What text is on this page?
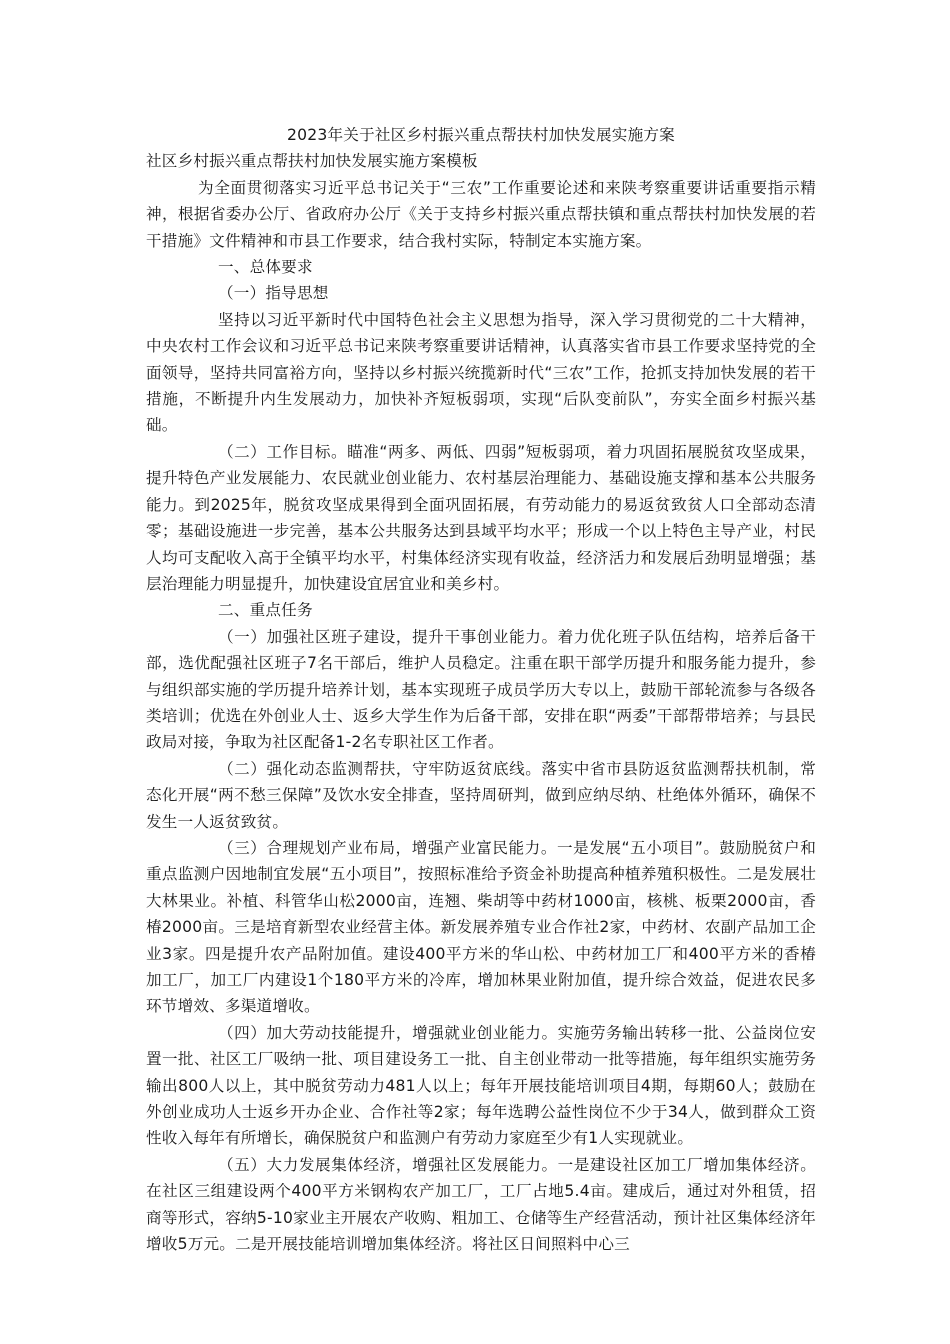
2023年关于社区乡村振兴重点帮扶村加快发展实施方案

社区乡村振兴重点帮扶村加快发展实施方案模板

为全面贯彻落实习近平总书记关于“三农”工作重要论述和来陕考察重要讲话重要指示精神，根据省委办公厅、省政府办公厅《关于支持乡村振兴重点帮扶镇和重点帮扶村加快发展的若干措施》文件精神和市县工作要求，结合我村实际，特制定本实施方案。

一、总体要求

（一）指导思想

坚持以习近平新时代中国特色社会主义思想为指导，深入学习贯彻党的二十大精神，中央农村工作会议和习近平总书记来陕考察重要讲话精神，认真落实省市县工作要求坚持党的全面领导，坚持共同富裕方向，坚持以乡村振兴统揽新时代“三农”工作，抢抓支持加快发展的若干措施，不断提升内生发展动力，加快补齐短板弱项，实现“后队变前队”，夯实全面乡村振兴基础。

（二）工作目标。瞄准“两多、两低、四弱”短板弱项，着力巩固拓展脱贫攻坚成果，提升特色产业发展能力、农民就业创业能力、农村基层治理能力、基础设施支撑和基本公共服务能力。到2025年，脱贫攻坚成果得到全面巩固拓展，有劳动能力的易返贫致贫人口全部动态清零；基础设施进一步完善，基本公共服务达到县域平均水平；形成一个以上特色主导产业，村民人均可支配收入高于全镇平均水平，村集体经济实现有收益，经济活力和发展后劲明显增强；基层治理能力明显提升，加快建设宜居宜业和美乡村。

二、重点任务

（一）加强社区班子建设，提升干事创业能力。着力优化班子队伍结构，培养后备干部，选优配强社区班子7名干部后，维护人员稳定。注重在职干部学历提升和服务能力提升，参与组织部实施的学历提升培养计划，基本实现班子成员学历大专以上，鼓励干部轮流参与各级各类培训；优选在外创业人士、返乡大学生作为后备干部，安排在职“两委”干部帮带培养；与县民政局对接，争取为社区配备1-2名专职社区工作者。

（二）强化动态监测帮扶，守牢防返贫底线。落实中省市县防返贫监测帮扶机制，常态化开展“两不愁三保障”及饮水安全排查，坚持周研判，做到应纳尽纳、杜绝体外循环，确保不发生一人返贫致贫。

（三）合理规划产业布局，增强产业富民能力。一是发展“五小项目”。鼓励脱贫户和重点监测户因地制宜发展“五小项目”，按照标准给予资金补助提高种植养殖积极性。二是发展壮大林果业。补植、科管华山松2000亩，连翘、柴胡等中药材1000亩，核桃、板栗2000亩，香椿2000亩。三是培育新型农业经营主体。新发展养殖专业合作社2家，中药材、农副产品加工企业3家。四是提升农产品附加值。建设400平方米的华山松、中药材加工厂和400平方米的香椿加工厂，加工厂内建设1个180平方米的冷库，增加林果业附加值，提升综合效益，促进农民多环节增效、多渠道增收。

（四）加大劳动技能提升，增强就业创业能力。实施劳务输出转移一批、公益岗位安置一批、社区工厂吸纳一批、项目建设务工一批、自主创业带动一批等措施，每年组织实施劳务输出800人以上，其中脱贫劳动力481人以上；每年开展技能培训项目4期，每期60人；鼓励在外创业成功人士返乡开办企业、合作社等2家；每年选聘公益性岗位不少于34人，做到群众工资性收入每年有所增长，确保脱贫户和监测户有劳动力家庭至少有1人实现就业。

（五）大力发展集体经济，增强社区发展能力。一是建设社区加工厂增加集体经济。在社区三组建设两个400平方米钢构农产加工厂，工厂占地5.4亩。建成后，通过对外租赁，招商等形式，容纳5-10家业主开展农产收购、粗加工、仓储等生产经营活动，预计社区集体经济年增收5万元。二是开展技能培训增加集体经济。将社区日间照料中心三
